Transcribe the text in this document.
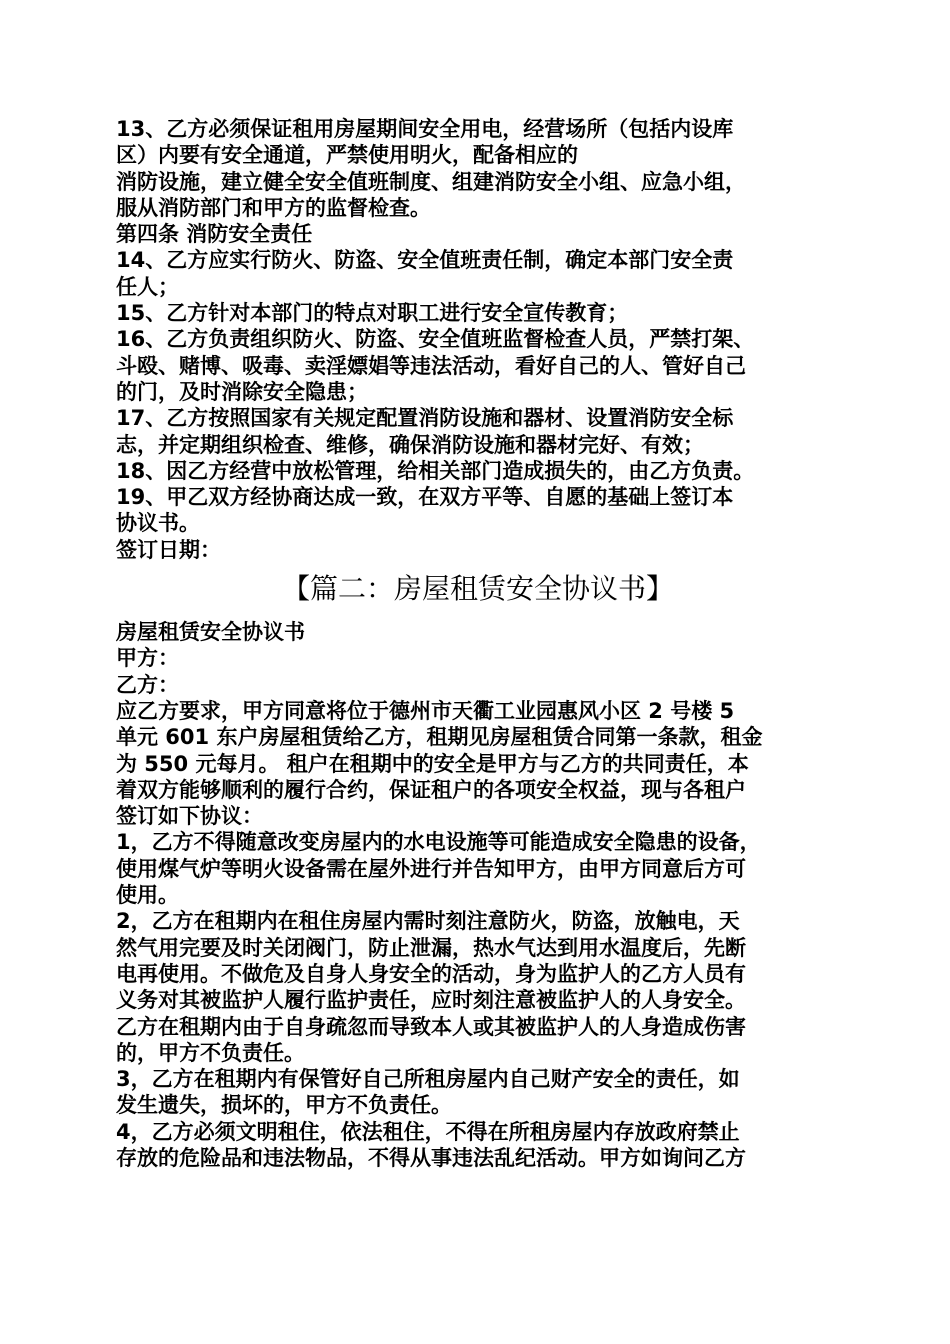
13、乙方必须保证租用房屋期间安全用电，经营场所（包括内设库

区）内要有安全通道，严禁使用明火，配备相应的

消防设施，建立健全安全值班制度、组建消防安全小组、应急小组，

服从消防部门和甲方的监督检查。

第四条 消防安全责任

14、乙方应实行防火、防盗、安全值班责任制，确定本部门安全责

任人；

15、乙方针对本部门的特点对职工进行安全宣传教育；

16、乙方负责组织防火、防盗、安全值班监督检查人员，严禁打架、

斗殴、赌博、吸毒、卖淫嫖娼等违法活动，看好自己的人、管好自己

的门，及时消除安全隐患；

17、乙方按照国家有关规定配置消防设施和器材、设置消防安全标

志，并定期组织检查、维修，确保消防设施和器材完好、有效；

18、因乙方经营中放松管理，给相关部门造成损失的，由乙方负责。

19、甲乙双方经协商达成一致，在双方平等、自愿的基础上签订本

协议书。

签订日期：

【篇二：房屋租赁安全协议书】

房屋租赁安全协议书

甲方：

乙方：

应乙方要求，甲方同意将位于德州市天衢工业园惠风小区 2 号楼 5

单元 601 东户房屋租赁给乙方，租期见房屋租赁合同第一条款，租金

为 550 元每月。 租户在租期中的安全是甲方与乙方的共同责任，本

着双方能够顺利的履行合约，保证租户的各项安全权益，现与各租户

签订如下协议：

1，乙方不得随意改变房屋内的水电设施等可能造成安全隐患的设备，

使用煤气炉等明火设备需在屋外进行并告知甲方，由甲方同意后方可

使用。

2，乙方在租期内在租住房屋内需时刻注意防火，防盗，放触电，天

然气用完要及时关闭阀门，防止泄漏，热水气达到用水温度后，先断

电再使用。不做危及自身人身安全的活动，身为监护人的乙方人员有

义务对其被监护人履行监护责任，应时刻注意被监护人的人身安全。

乙方在租期内由于自身疏忽而导致本人或其被监护人的人身造成伤害

的，甲方不负责任。

3，乙方在租期内有保管好自己所租房屋内自己财产安全的责任，如

发生遗失，损坏的，甲方不负责任。

4，乙方必须文明租住，依法租住，不得在所租房屋内存放政府禁止

存放的危险品和违法物品，不得从事违法乱纪活动。甲方如询问乙方
